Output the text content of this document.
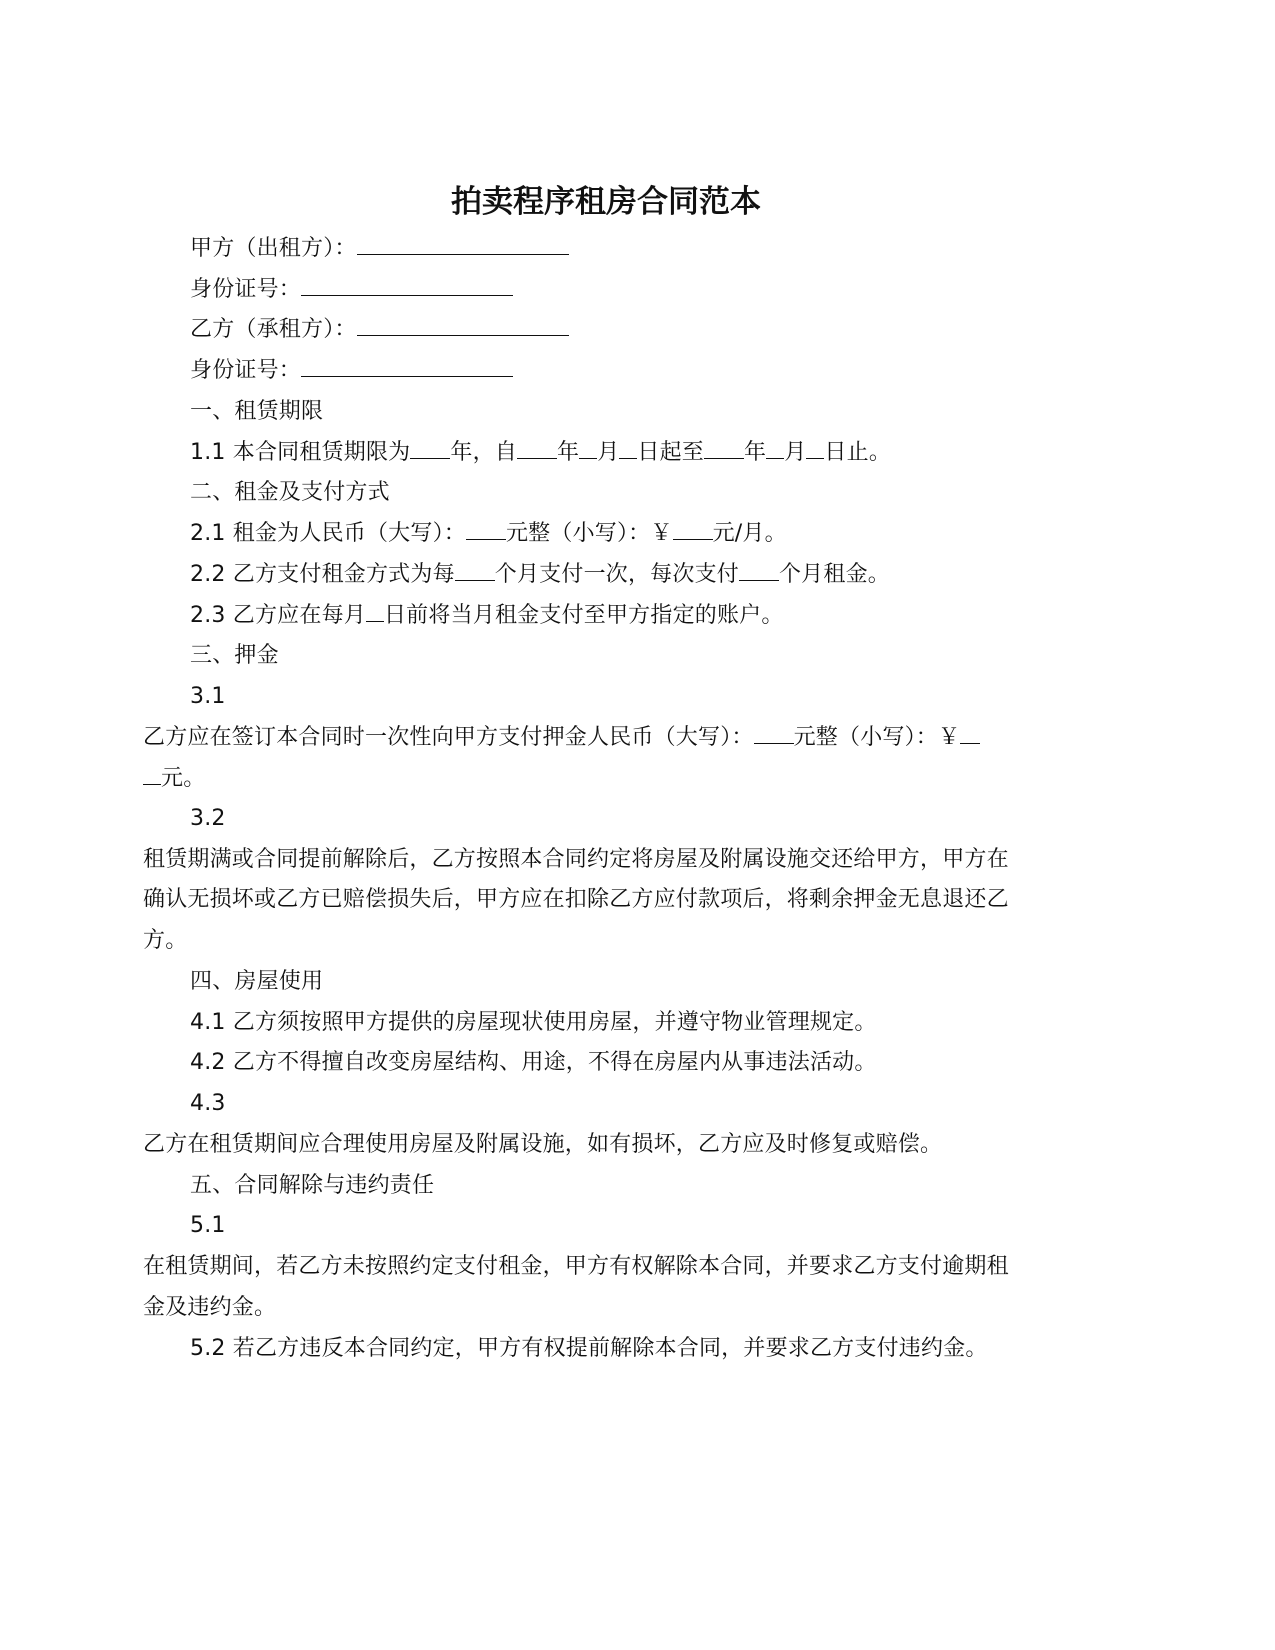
拍卖程序租房合同范本
甲方（出租方）：
身份证号：
乙方（承租方）：
身份证号：
一、租赁期限
1.1 本合同租赁期限为 年，自 年 月 日起至 年 月 日止。
二、租金及支付方式
2.1 租金为人民币（大写）： 元整（小写）：￥ 元/月。
2.2 乙方支付租金方式为每 个月支付一次，每次支付 个月租金。
2.3 乙方应在每月 日前将当月租金支付至甲方指定的账户。
三、押金
3.1
乙方应在签订本合同时一次性向甲方支付押金人民币（大写）： 元整（小写）：￥
元。
3.2
租赁期满或合同提前解除后，乙方按照本合同约定将房屋及附属设施交还给甲方，甲方在
确认无损坏或乙方已赔偿损失后，甲方应在扣除乙方应付款项后，将剩余押金无息退还乙
方。
四、房屋使用
4.1 乙方须按照甲方提供的房屋现状使用房屋，并遵守物业管理规定。
4.2 乙方不得擅自改变房屋结构、用途，不得在房屋内从事违法活动。
4.3
乙方在租赁期间应合理使用房屋及附属设施，如有损坏，乙方应及时修复或赔偿。
五、合同解除与违约责任
5.1
在租赁期间，若乙方未按照约定支付租金，甲方有权解除本合同，并要求乙方支付逾期租
金及违约金。
5.2 若乙方违反本合同约定，甲方有权提前解除本合同，并要求乙方支付违约金。
